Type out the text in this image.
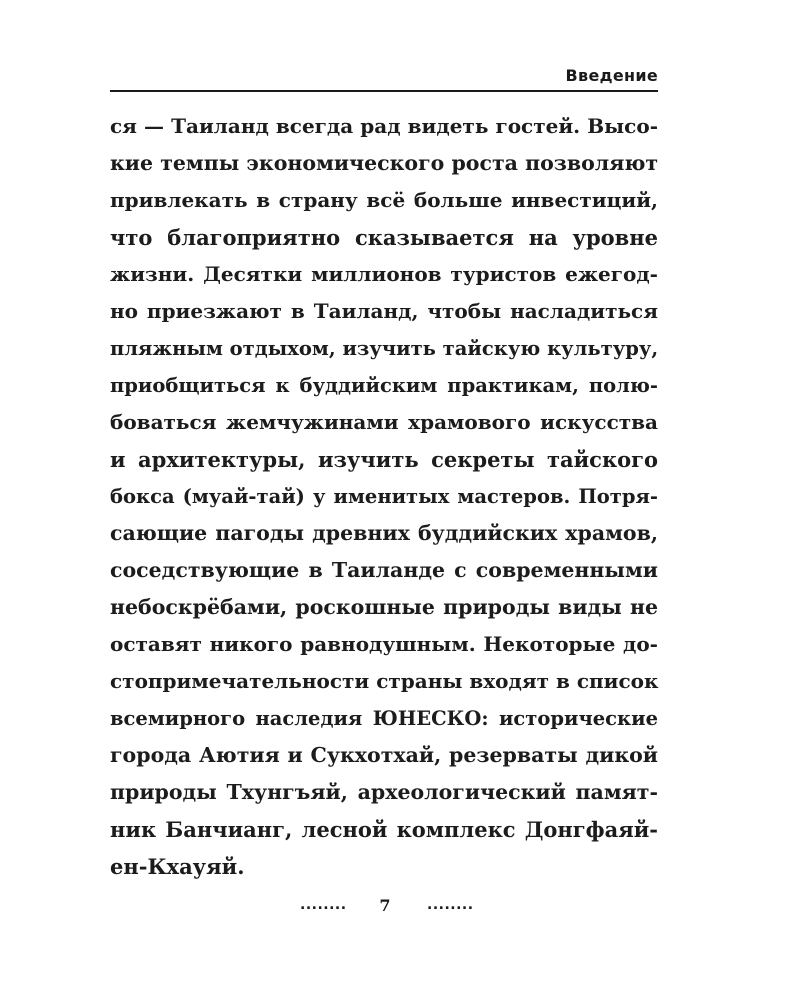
Введение
ся — Таиланд всегда рад видеть гостей. Высо-
кие темпы экономического роста позволяют
привлекать в страну всё больше инвестиций,
что благоприятно сказывается на уровне
жизни. Десятки миллионов туристов ежегод-
но приезжают в Таиланд, чтобы насладиться
пляжным отдыхом, изучить тайскую культуру,
приобщиться к буддийским практикам, полю-
боваться жемчужинами храмового искусства
и архитектуры, изучить секреты тайского
бокса (муай-тай) у именитых мастеров. Потря-
сающие пагоды древних буддийских храмов,
соседствующие в Таиланде с современными
небоскрёбами, роскошные природы виды не
оставят никого равнодушным. Некоторые до-
стопримечательности страны входят в список
всемирного наследия ЮНЕСКО: исторические
города Аютия и Сукхотхай, резерваты дикой
природы Тхунгъяй, археологический памят-
ник Банчианг, лесной комплекс Донгфаяй-
ен-Кхауяй.
........	7	........
